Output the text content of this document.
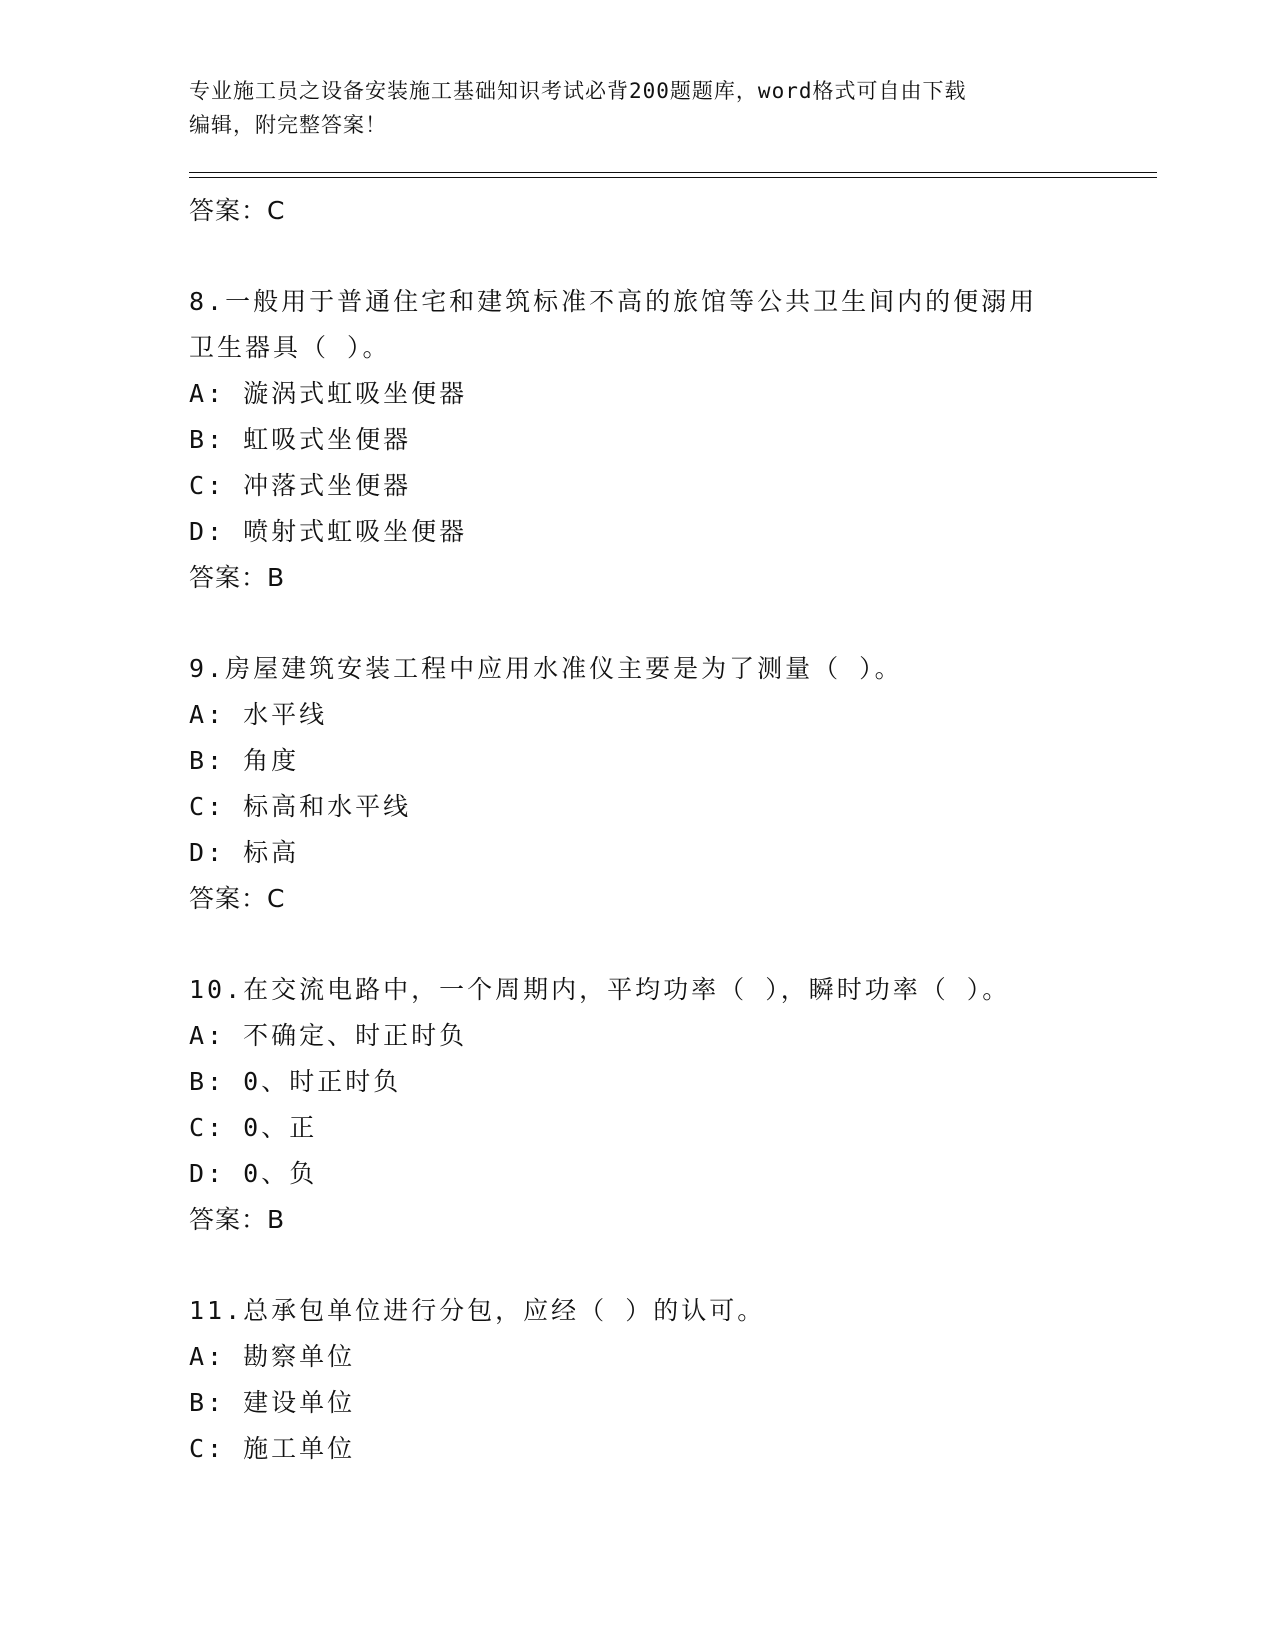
专业施工员之设备安装施工基础知识考试必背200题题库，word格式可自由下载
编辑，附完整答案！
答案：C
8.一般用于普通住宅和建筑标准不高的旅馆等公共卫生间内的便溺用
卫生器具（ ）。
A: 漩涡式虹吸坐便器
B: 虹吸式坐便器
C: 冲落式坐便器
D: 喷射式虹吸坐便器
答案：B
9.房屋建筑安装工程中应用水准仪主要是为了测量（ ）。
A: 水平线
B: 角度
C: 标高和水平线
D: 标高
答案：C
10.在交流电路中，一个周期内，平均功率（ ），瞬时功率（ ）。
A: 不确定、时正时负
B: 0、时正时负
C: 0、正
D: 0、负
答案：B
11.总承包单位进行分包，应经（ ）的认可。
A: 勘察单位
B: 建设单位
C: 施工单位
